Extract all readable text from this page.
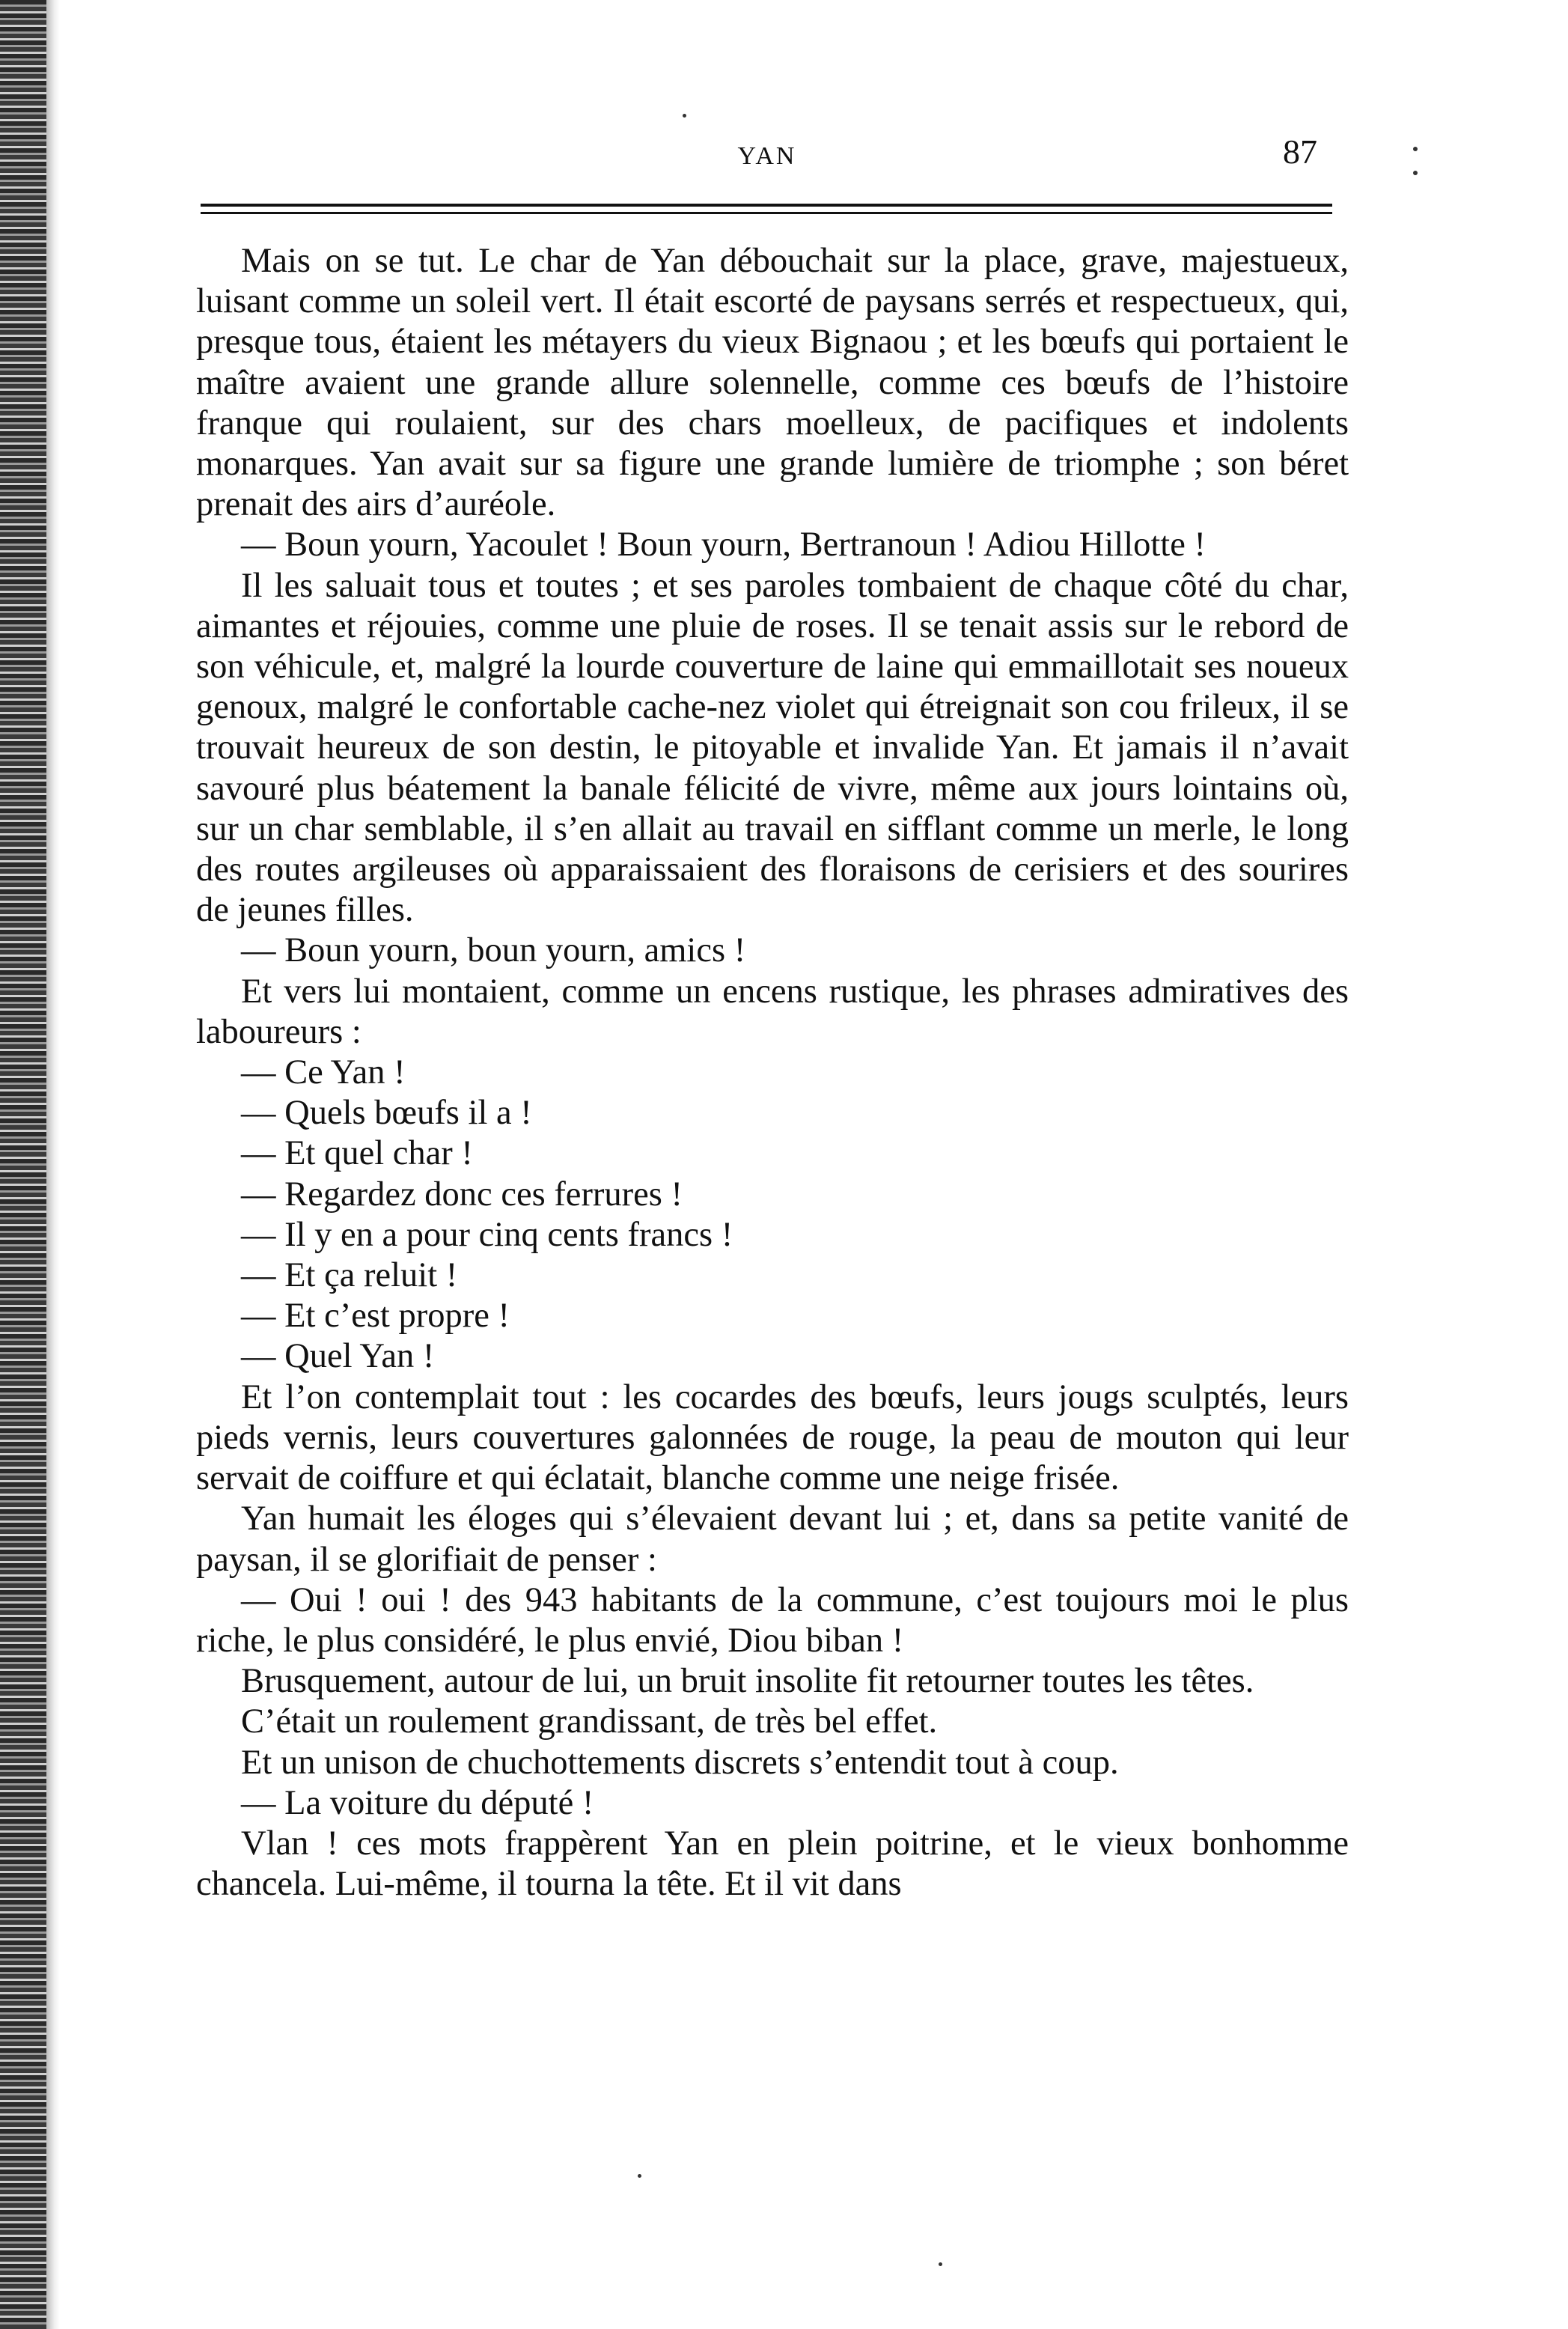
YAN	87

Mais on se tut. Le char de Yan débouchait sur la place, grave, majestueux, luisant comme un soleil vert. Il était escorté de paysans serrés et respectueux, qui, presque tous, étaient les métayers du vieux Bignaou ; et les bœufs qui portaient le maître avaient une grande allure solennelle, comme ces bœufs de l’histoire franque qui roulaient, sur des chars moelleux, de pacifiques et indolents monarques. Yan avait sur sa figure une grande lumière de triomphe ; son béret prenait des airs d’auréole.

— Boun yourn, Yacoulet ! Boun yourn, Bertranoun ! Adiou Hillotte !

Il les saluait tous et toutes ; et ses paroles tombaient de chaque côté du char, aimantes et réjouies, comme une pluie de roses. Il se tenait assis sur le rebord de son véhicule, et, malgré la lourde couverture de laine qui emmaillotait ses noueux genoux, malgré le confortable cache-nez violet qui étreignait son cou frileux, il se trouvait heureux de son destin, le pitoyable et invalide Yan. Et jamais il n’avait savouré plus béatement la banale félicité de vivre, même aux jours lointains où, sur un char semblable, il s’en allait au travail en sifflant comme un merle, le long des routes argileuses où apparaissaient des floraisons de cerisiers et des sourires de jeunes filles.

— Boun yourn, boun yourn, amics !

Et vers lui montaient, comme un encens rustique, les phrases admiratives des laboureurs :

— Ce Yan !

— Quels bœufs il a !

— Et quel char !

— Regardez donc ces ferrures !

— Il y en a pour cinq cents francs !

— Et ça reluit !

— Et c’est propre !

— Quel Yan !

Et l’on contemplait tout : les cocardes des bœufs, leurs jougs sculptés, leurs pieds vernis, leurs couvertures galonnées de rouge, la peau de mouton qui leur servait de coiffure et qui éclatait, blanche comme une neige frisée.

Yan humait les éloges qui s’élevaient devant lui ; et, dans sa petite vanité de paysan, il se glorifiait de penser :

— Oui ! oui ! des 943 habitants de la commune, c’est toujours moi le plus riche, le plus considéré, le plus envié, Diou biban !

Brusquement, autour de lui, un bruit insolite fit retourner toutes les têtes.

C’était un roulement grandissant, de très bel effet.

Et un unison de chuchottements discrets s’entendit tout à coup.

— La voiture du député !

Vlan ! ces mots frappèrent Yan en plein poitrine, et le vieux bonhomme chancela. Lui-même, il tourna la tête. Et il vit dans
